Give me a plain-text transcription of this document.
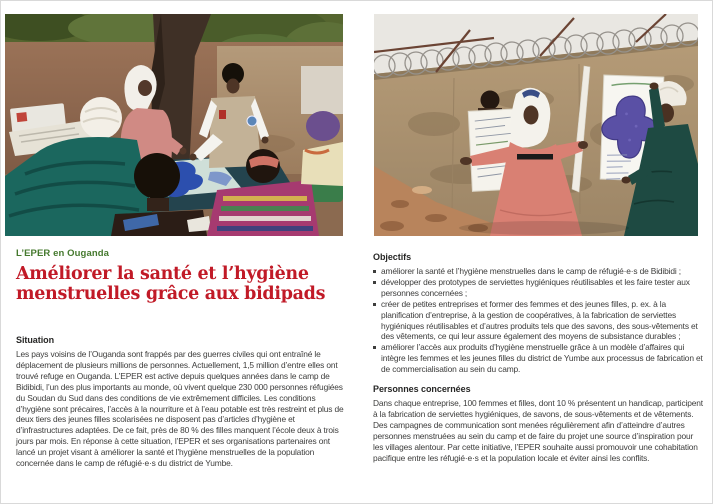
L’EPER en Ouganda
Améliorer la santé et l’hygiène menstruelles grâce aux bidipads
Situation

Les pays voisins de l’Ouganda sont frappés par des guerres civiles qui ont entraîné le déplacement de plusieurs millions de personnes. Actuellement, 1,5 million d’entre elles ont trouvé refuge en Ouganda. L’EPER est active depuis quelques années dans le camp de Bidibidi, l’un des plus importants au monde, où vivent quelque 230 000 personnes réfugiées du Soudan du Sud dans des conditions de vie extrêmement difficiles. Les conditions d’hygiène sont précaires, l’accès à la nourriture et à l’eau potable est très restreint et plus de deux tiers des jeunes filles scolarisées ne disposent pas d’articles d’hygiène et d’infrastructures adaptées. De ce fait, près de 80 % des filles manquent l’école deux à trois jours par mois. En réponse à cette situation, l’EPER et ses organisations partenaires ont lancé un projet visant à améliorer la santé et l’hygiène menstruelles de la population concernée dans le camp de réfugié·e·s du district de Yumbe.

Objectifs
améliorer la santé et l’hygiène menstruelles dans le camp de réfugié·e·s de Bidibidi ;
développer des prototypes de serviettes hygiéniques réutilisables et les faire tester aux personnes concernées ;
créer de petites entreprises et former des femmes et des jeunes filles, p. ex. à la planification d’entreprise, à la gestion de coopératives, à la fabrication de serviettes hygiéniques réutilisables et d’autres produits tels que des savons, des sous-vêtements et des vêtements, ce qui leur assure également des moyens de subsistance durables ;
améliorer l’accès aux produits d’hygiène menstruelle grâce à un modèle d’affaires qui intègre les femmes et les jeunes filles du district de Yumbe aux processus de fabrication et de commercialisation au sein du camp.
Personnes concernées

Dans chaque entreprise, 100 femmes et filles, dont 10 % présentent un handicap, participent à la fabrication de serviettes hygiéniques, de savons, de sous-vêtements et de vêtements. Des campagnes de communication sont menées régulièrement afin d’atteindre d’autres personnes menstruées au sein du camp et de faire du projet une source d’inspiration pour les villages alentour. Par cette initiative, l’EPER souhaite aussi promouvoir une cohabitation pacifique entre les réfugié·e·s et la population locale et éviter ainsi les conflits.
